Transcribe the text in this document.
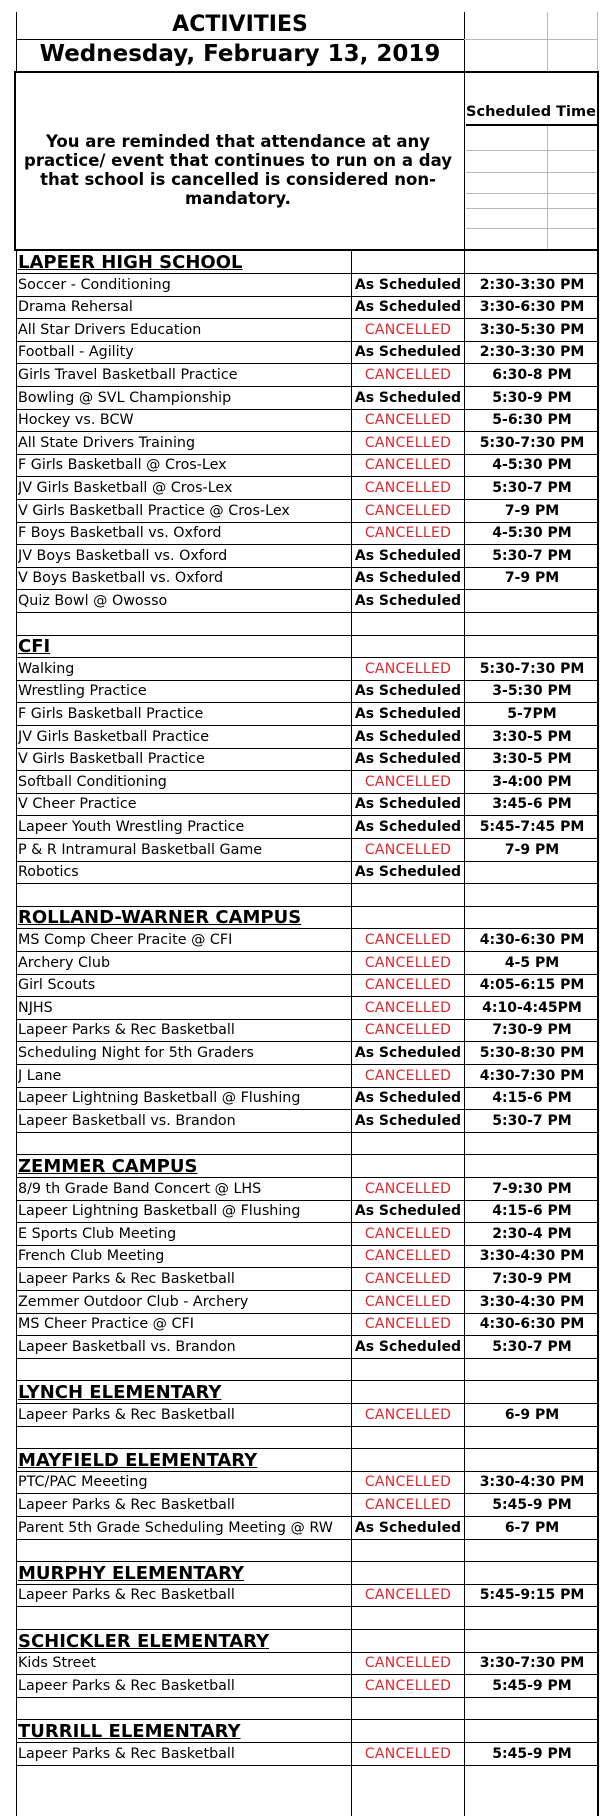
ACTIVITIES
Wednesday, February 13, 2019
You are reminded that attendance at any practice/ event that continues to run on a day that school is cancelled is considered non-mandatory.
Scheduled Time
LAPEER HIGH SCHOOL
Soccer - Conditioning	As Scheduled	2:30-3:30 PM
Drama Rehersal	As Scheduled	3:30-6:30 PM
All Star Drivers Education	CANCELLED	3:30-5:30 PM
Football - Agility	As Scheduled	2:30-3:30 PM
Girls Travel Basketball Practice	CANCELLED	6:30-8 PM
Bowling @ SVL Championship	As Scheduled	5:30-9 PM
Hockey vs. BCW	CANCELLED	5-6:30 PM
All State Drivers Training	CANCELLED	5:30-7:30 PM
F Girls Basketball @ Cros-Lex	CANCELLED	4-5:30 PM
JV Girls Basketball @ Cros-Lex	CANCELLED	5:30-7 PM
V Girls Basketball Practice @ Cros-Lex	CANCELLED	7-9 PM
F Boys Basketball vs. Oxford	CANCELLED	4-5:30 PM
JV Boys Basketball vs. Oxford	As Scheduled	5:30-7 PM
V Boys Basketball vs. Oxford	As Scheduled	7-9 PM
Quiz Bowl @ Owosso	As Scheduled
CFI
Walking	CANCELLED	5:30-7:30 PM
Wrestling Practice	As Scheduled	3-5:30 PM
F Girls Basketball Practice	As Scheduled	5-7PM
JV Girls Basketball Practice	As Scheduled	3:30-5 PM
V Girls Basketball Practice	As Scheduled	3:30-5 PM
Softball Conditioning	CANCELLED	3-4:00 PM
V Cheer Practice	As Scheduled	3:45-6 PM
Lapeer Youth Wrestling Practice	As Scheduled	5:45-7:45 PM
P & R Intramural Basketball Game	CANCELLED	7-9 PM
Robotics	As Scheduled
ROLLAND-WARNER CAMPUS
MS Comp Cheer Pracite @ CFI	CANCELLED	4:30-6:30 PM
Archery Club	CANCELLED	4-5 PM
Girl Scouts	CANCELLED	4:05-6:15 PM
NJHS	CANCELLED	4:10-4:45PM
Lapeer Parks & Rec Basketball	CANCELLED	7:30-9 PM
Scheduling Night for 5th Graders	As Scheduled	5:30-8:30 PM
J Lane	CANCELLED	4:30-7:30 PM
Lapeer Lightning Basketball @ Flushing	As Scheduled	4:15-6 PM
Lapeer Basketball vs. Brandon	As Scheduled	5:30-7 PM
ZEMMER CAMPUS
8/9 th Grade Band Concert @ LHS	CANCELLED	7-9:30 PM
Lapeer Lightning Basketball @ Flushing	As Scheduled	4:15-6 PM
E Sports Club Meeting	CANCELLED	2:30-4 PM
French Club Meeting	CANCELLED	3:30-4:30 PM
Lapeer Parks & Rec Basketball	CANCELLED	7:30-9 PM
Zemmer Outdoor Club - Archery	CANCELLED	3:30-4:30 PM
MS Cheer Practice @ CFI	CANCELLED	4:30-6:30 PM
Lapeer Basketball vs. Brandon	As Scheduled	5:30-7 PM
LYNCH ELEMENTARY
Lapeer Parks & Rec Basketball	CANCELLED	6-9 PM
MAYFIELD ELEMENTARY
PTC/PAC Meeeting	CANCELLED	3:30-4:30 PM
Lapeer Parks & Rec Basketball	CANCELLED	5:45-9 PM
Parent 5th Grade Scheduling Meeting @ RW	As Scheduled	6-7 PM
MURPHY ELEMENTARY
Lapeer Parks & Rec Basketball	CANCELLED	5:45-9:15 PM
SCHICKLER ELEMENTARY
Kids Street	CANCELLED	3:30-7:30 PM
Lapeer Parks & Rec Basketball	CANCELLED	5:45-9 PM
TURRILL ELEMENTARY
Lapeer Parks & Rec Basketball	CANCELLED	5:45-9 PM
